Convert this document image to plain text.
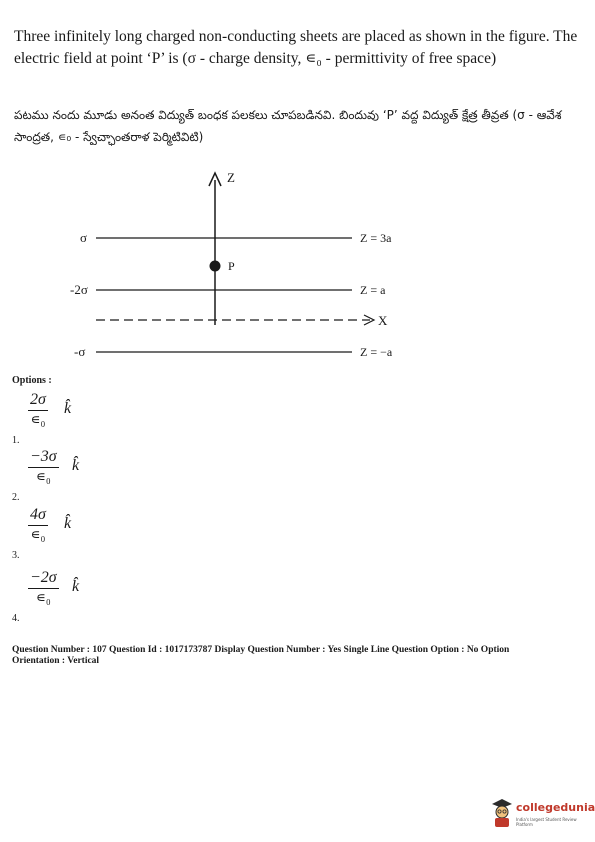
Three infinitely long charged non-conducting sheets are placed as shown in the figure. The electric field at point ‘P’ is (σ - charge density, ∊₀ - permittivity of free space)
పటము నందు మూడు అనంత విద్యుత్ బంధక పలకలు చూపబడినవి. బిందువు ‘P’ వద్ద విద్యుత్ క్షేత్ర తీవ్రత (σ - ఆవేశ సాంద్రత, ∊₀ - స్వేచ్ఛాంతరాళ పెర్మిటివిటి)
Z
σ	Z = 3a
P
-2σ	Z = a
X
-σ	Z = −a
Options :
2σ
∊₀
k̂
1.
−3σ
∊₀
k̂
2.
4σ
∊₀
k̂
3.
−2σ
∊₀
k̂
4.
Question Number : 107 Question Id : 1017173787 Display Question Number : Yes Single Line Question Option : No Option
Orientation : Vertical
collegedunia
India's largest Student Review Platform
